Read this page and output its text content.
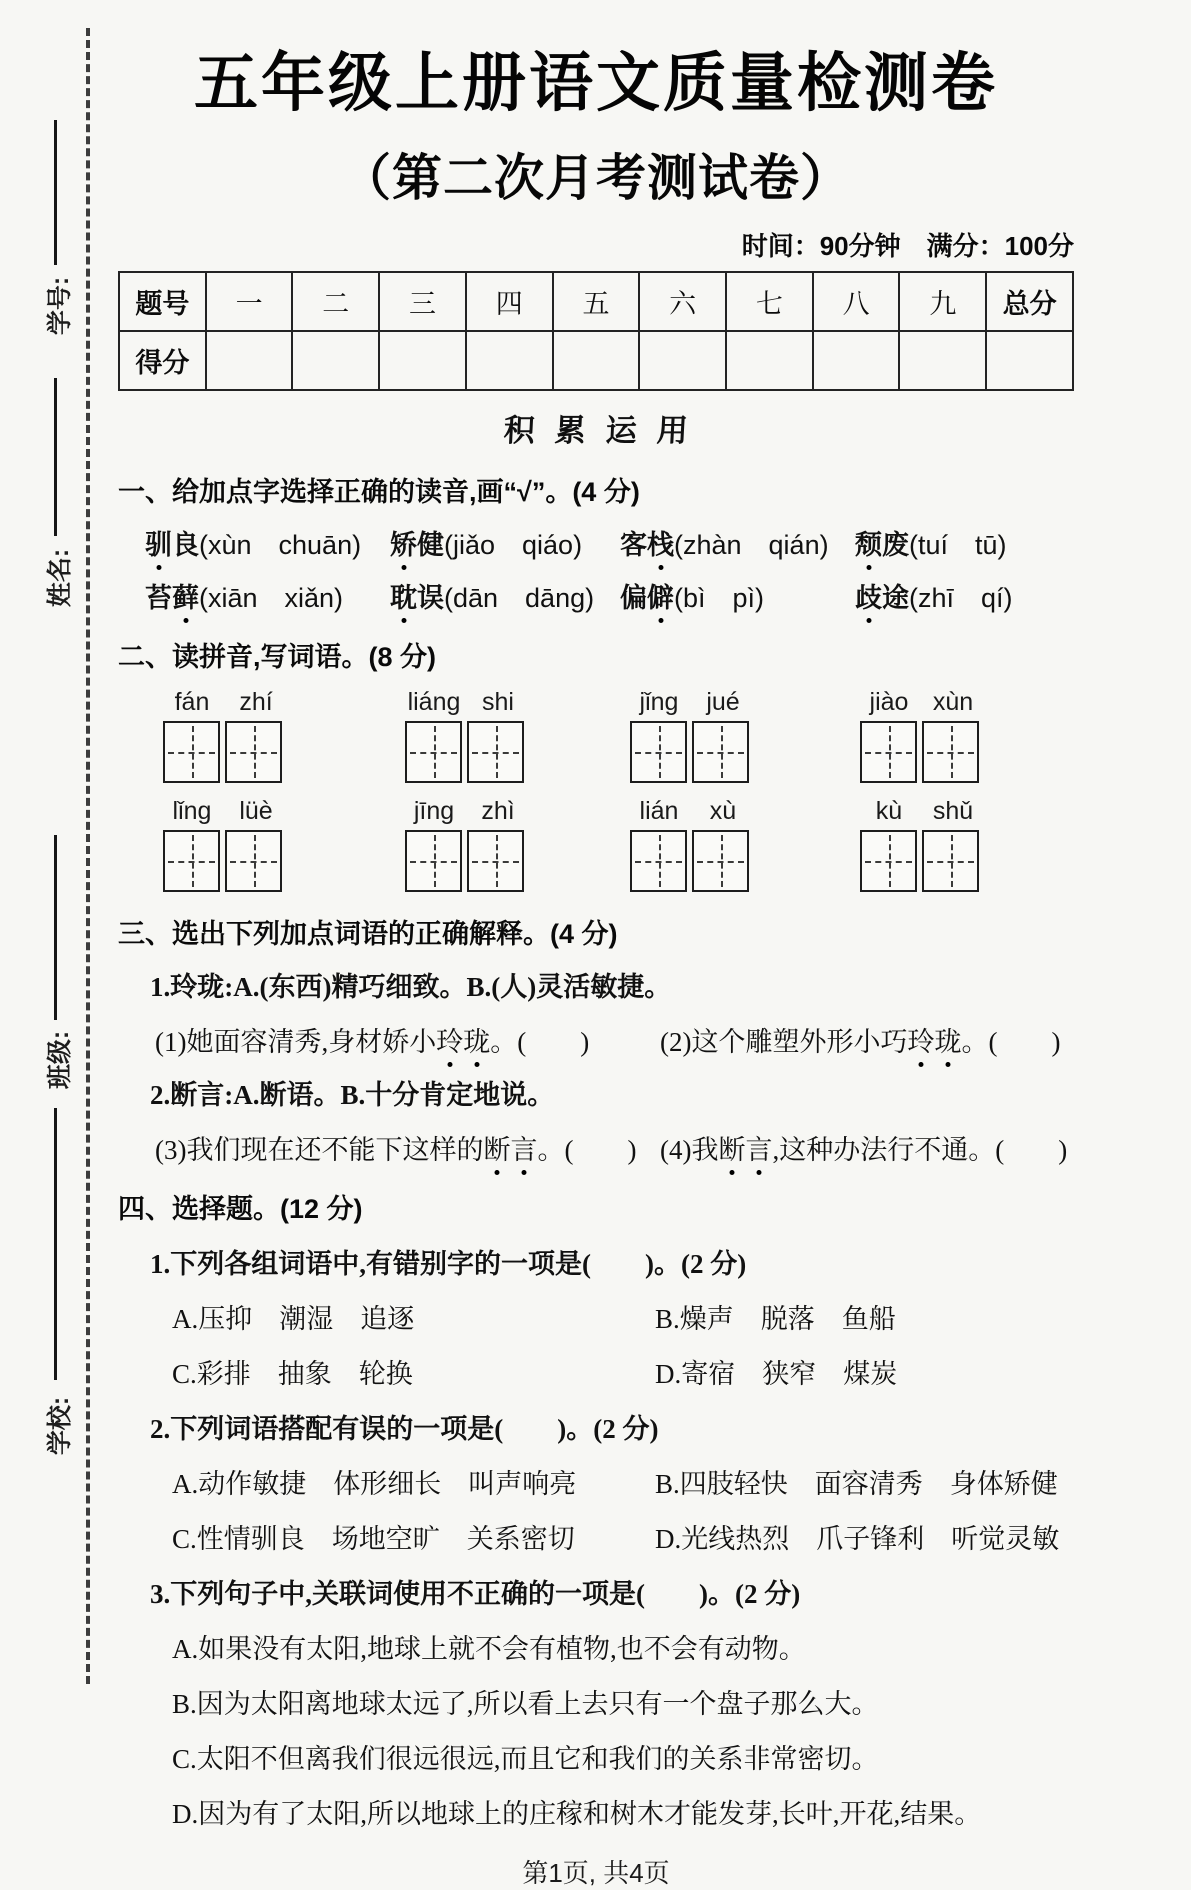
学号:
姓名:
班级:
学校:
五年级上册语文质量检测卷
（第二次月考测试卷）
时间：90分钟　满分：100分
题号	一	二	三	四	五	六	七	八	九	总分
得分										
积累运用
一、给加点字选择正确的读音,画“√”。(4 分)
驯良(xùn　chuān)	矫健(jiǎo　qiáo)	客栈(zhàn　qián) 颓废(tuí　tū)
苔藓(xiān　xiǎn)	耽误(dān　dāng) 偏僻(bì　pì)	歧途(zhī　qí)
二、读拼音,写词语。(8 分)
fán	zhí	liáng shi	jǐng	jué	jiào xùn
lǐng	lüè	jīng	zhì	lián	xù	kù	shǔ
三、选出下列加点词语的正确解释。(4 分)
1.玲珑:A.(东西)精巧细致。B.(人)灵活敏捷。
(1)她面容清秀,身材娇小玲珑。(　　)	(2)这个雕塑外形小巧玲珑。(　　)
2.断言:A.断语。B.十分肯定地说。
(3)我们现在还不能下这样的断言。(　　) (4)我断言,这种办法行不通。(　　)
四、选择题。(12 分)
1.下列各组词语中,有错别字的一项是(　　)。(2 分)
A.压抑　潮湿　追逐	B.燥声　脱落　鱼船
C.彩排　抽象　轮换	D.寄宿　狭窄　煤炭
2.下列词语搭配有误的一项是(　　)。(2 分)
A.动作敏捷　体形细长　叫声响亮	B.四肢轻快　面容清秀　身体矫健
C.性情驯良　场地空旷　关系密切	D.光线热烈　爪子锋利　听觉灵敏
3.下列句子中,关联词使用不正确的一项是(　　)。(2 分)
A.如果没有太阳,地球上就不会有植物,也不会有动物。
B.因为太阳离地球太远了,所以看上去只有一个盘子那么大。
C.太阳不但离我们很远很远,而且它和我们的关系非常密切。
D.因为有了太阳,所以地球上的庄稼和树木才能发芽,长叶,开花,结果。
第1页, 共4页
